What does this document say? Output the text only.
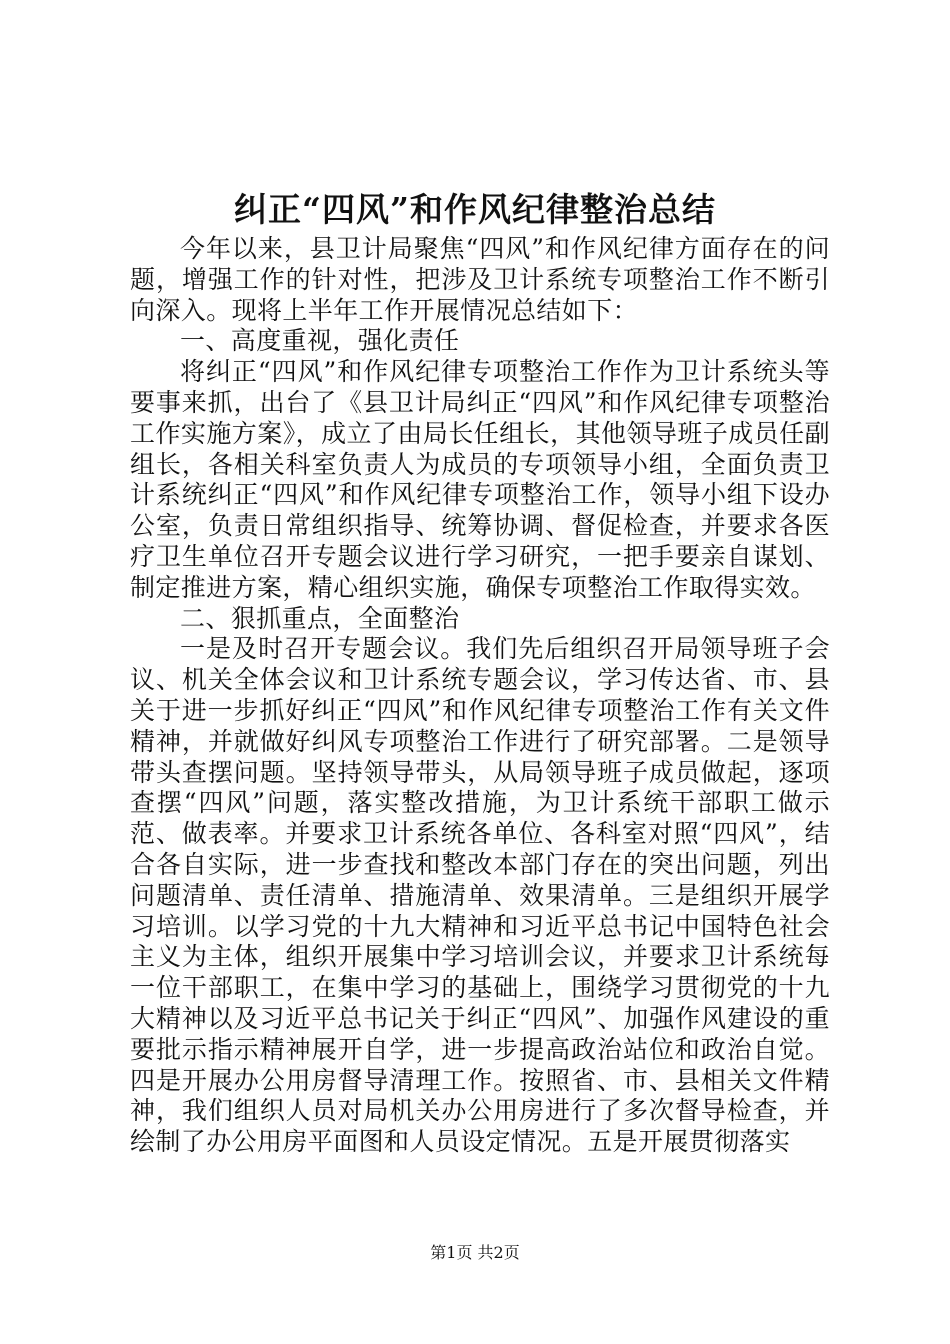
纠正“四风”和作风纪律整治总结

今年以来，县卫计局聚焦“四风”和作风纪律方面存在的问题，增强工作的针对性，把涉及卫计系统专项整治工作不断引向深入。现将上半年工作开展情况总结如下：

一、高度重视，强化责任

将纠正“四风”和作风纪律专项整治工作作为卫计系统头等要事来抓，出台了《县卫计局纠正“四风”和作风纪律专项整治工作实施方案》，成立了由局长任组长，其他领导班子成员任副组长，各相关科室负责人为成员的专项领导小组，全面负责卫计系统纠正“四风”和作风纪律专项整治工作，领导小组下设办公室，负责日常组织指导、统筹协调、督促检查，并要求各医疗卫生单位召开专题会议进行学习研究，一把手要亲自谋划、制定推进方案，精心组织实施，确保专项整治工作取得实效。

二、狠抓重点，全面整治

一是及时召开专题会议。我们先后组织召开局领导班子会议、机关全体会议和卫计系统专题会议，学习传达省、市、县关于进一步抓好纠正“四风”和作风纪律专项整治工作有关文件精神，并就做好纠风专项整治工作进行了研究部署。二是领导带头查摆问题。坚持领导带头，从局领导班子成员做起，逐项查摆“四风”问题，落实整改措施，为卫计系统干部职工做示范、做表率。并要求卫计系统各单位、各科室对照“四风”，结合各自实际，进一步查找和整改本部门存在的突出问题，列出问题清单、责任清单、措施清单、效果清单。三是组织开展学习培训。以学习党的十九大精神和习近平总书记中国特色社会主义为主体，组织开展集中学习培训会议，并要求卫计系统每一位干部职工，在集中学习的基础上，围绕学习贯彻党的十九大精神以及习近平总书记关于纠正“四风”、加强作风建设的重要批示指示精神展开自学，进一步提高政治站位和政治自觉。四是开展办公用房督导清理工作。按照省、市、县相关文件精神，我们组织人员对局机关办公用房进行了多次督导检查，并绘制了办公用房平面图和人员设定情况。五是开展贯彻落实

第1页 共2页
